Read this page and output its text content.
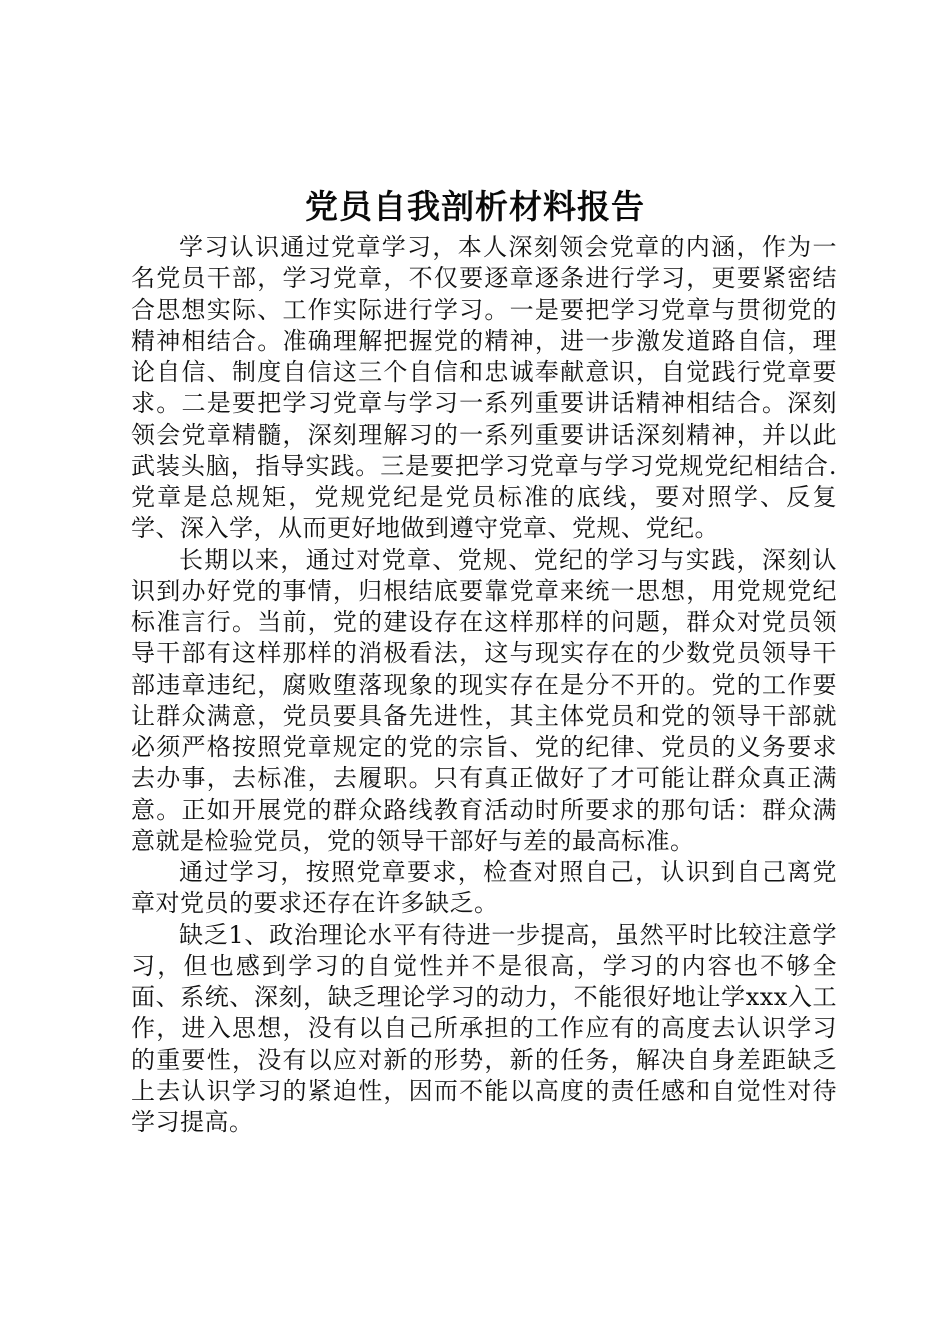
党员自我剖析材料报告

学习认识通过党章学习，本人深刻领会党章的内涵，作为一名党员干部，学习党章，不仅要逐章逐条进行学习，更要紧密结合思想实际、工作实际进行学习。一是要把学习党章与贯彻党的精神相结合。准确理解把握党的精神，进一步激发道路自信，理论自信、制度自信这三个自信和忠诚奉献意识，自觉践行党章要求。二是要把学习党章与学习一系列重要讲话精神相结合。深刻领会党章精髓，深刻理解习的一系列重要讲话深刻精神，并以此武装头脑，指导实践。三是要把学习党章与学习党规党纪相结合.党章是总规矩，党规党纪是党员标准的底线，要对照学、反复学、深入学，从而更好地做到遵守党章、党规、党纪。

长期以来，通过对党章、党规、党纪的学习与实践，深刻认识到办好党的事情，归根结底要靠党章来统一思想，用党规党纪标准言行。当前，党的建设存在这样那样的问题，群众对党员领导干部有这样那样的消极看法，这与现实存在的少数党员领导干部违章违纪，腐败堕落现象的现实存在是分不开的。党的工作要让群众满意，党员要具备先进性，其主体党员和党的领导干部就必须严格按照党章规定的党的宗旨、党的纪律、党员的义务要求去办事，去标准，去履职。只有真正做好了才可能让群众真正满意。正如开展党的群众路线教育活动时所要求的那句话：群众满意就是检验党员，党的领导干部好与差的最高标准。

通过学习，按照党章要求，检查对照自己，认识到自己离党章对党员的要求还存在许多缺乏。

缺乏1、政治理论水平有待进一步提高，虽然平时比较注意学习，但也感到学习的自觉性并不是很高，学习的内容也不够全面、系统、深刻，缺乏理论学习的动力，不能很好地让学xxx入工作，进入思想，没有以自己所承担的工作应有的高度去认识学习的重要性，没有以应对新的形势，新的任务，解决自身差距缺乏上去认识学习的紧迫性，因而不能以高度的责任感和自觉性对待学习提高。
